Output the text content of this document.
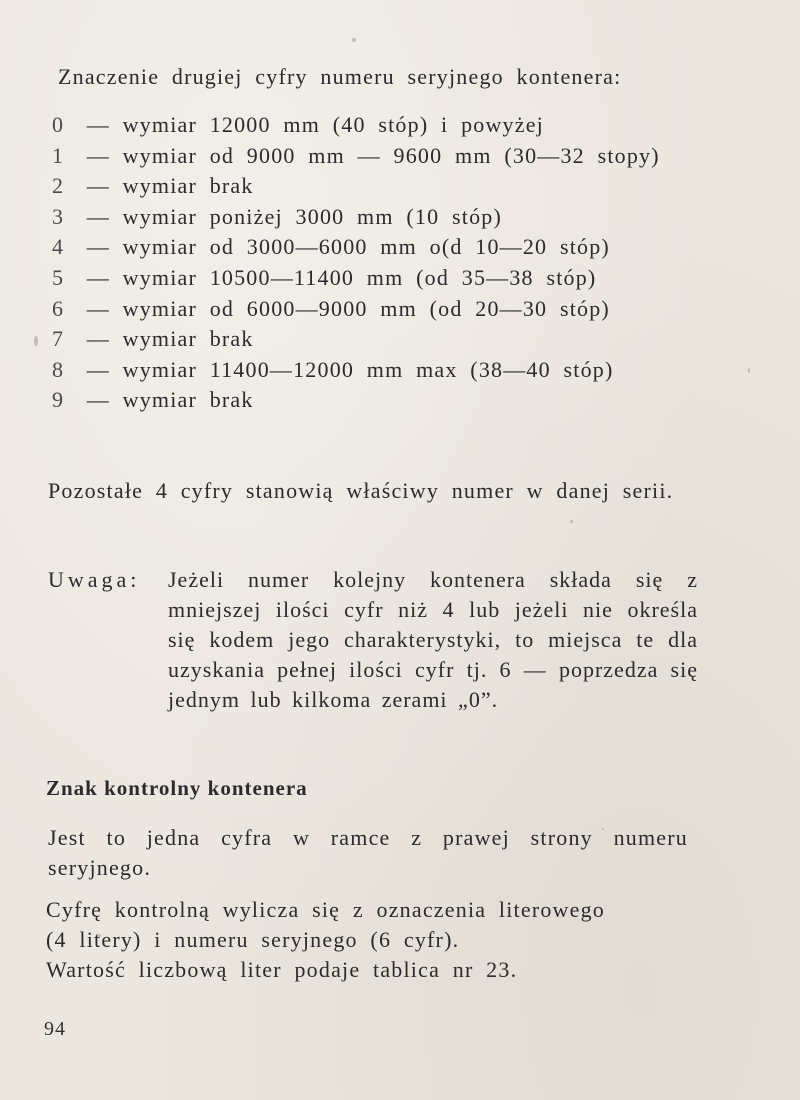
Znaczenie drugiej cyfry numeru seryjnego kontenera:
0 — wymiar 12000 mm (40 stóp) i powyżej
1 — wymiar od 9000 mm — 9600 mm (30—32 stopy)
2 — wymiar brak
3 — wymiar poniżej 3000 mm (10 stóp)
4 — wymiar od 3000—6000 mm o(d 10—20 stóp)
5 — wymiar 10500—11400 mm (od 35—38 stóp)
6 — wymiar od 6000—9000 mm (od 20—30 stóp)
7 — wymiar brak
8 — wymiar 11400—12000 mm max (38—40 stóp)
9 — wymiar brak
Pozostałe 4 cyfry stanowią właściwy numer w danej serii.
Uwaga: Jeżeli numer kolejny kontenera składa się z mniejszej ilości cyfr niż 4 lub jeżeli nie określa się kodem jego charakterystyki, to miejsca te dla uzyskania pełnej ilości cyfr tj. 6 — poprzedza się jednym lub kilkoma zerami „0”.
Znak kontrolny kontenera
Jest to jedna cyfra w ramce z prawej strony numeru seryjnego.
Cyfrę kontrolną wylicza się z oznaczenia literowego
(4 litery) i numeru seryjnego (6 cyfr).
Wartość liczbową liter podaje tablica nr 23.
94
